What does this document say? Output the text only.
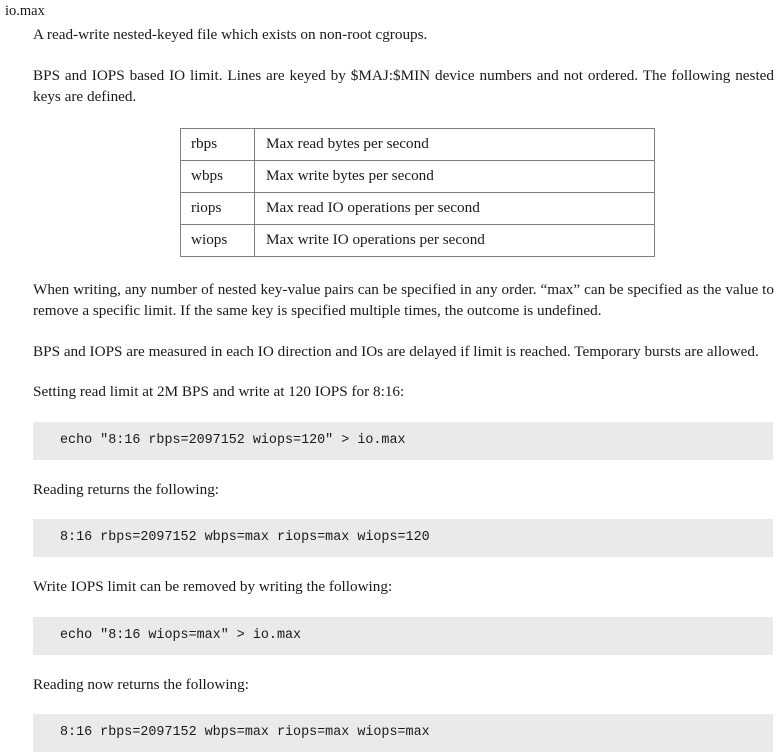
io.max

A read-write nested-keyed file which exists on non-root cgroups.

BPS and IOPS based IO limit. Lines are keyed by $MAJ:$MIN device numbers and not ordered. The following nested keys are defined.

rbps	Max read bytes per second
wbps	Max write bytes per second
riops	Max read IO operations per second
wiops	Max write IO operations per second

When writing, any number of nested key-value pairs can be specified in any order. “max” can be specified as the value to remove a specific limit. If the same key is specified multiple times, the outcome is undefined.

BPS and IOPS are measured in each IO direction and IOs are delayed if limit is reached. Temporary bursts are allowed.

Setting read limit at 2M BPS and write at 120 IOPS for 8:16:

echo "8:16 rbps=2097152 wiops=120" > io.max

Reading returns the following:

8:16 rbps=2097152 wbps=max riops=max wiops=120

Write IOPS limit can be removed by writing the following:

echo "8:16 wiops=max" > io.max

Reading now returns the following:

8:16 rbps=2097152 wbps=max riops=max wiops=max
